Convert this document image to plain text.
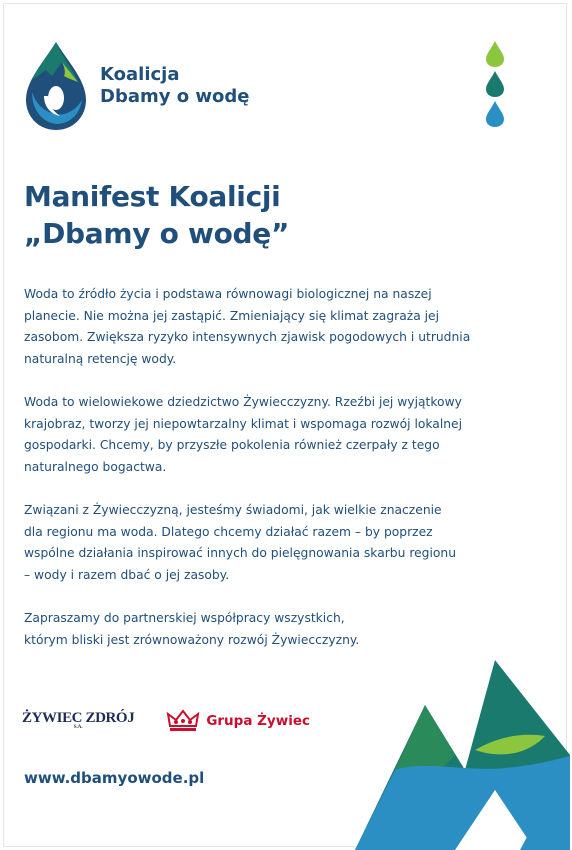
Koalicja
Dbamy o wodę
Manifest Koalicji
„Dbamy o wodę”

Woda to źródło życia i podstawa równowagi biologicznej na naszej
planecie. Nie można jej zastąpić. Zmieniający się klimat zagraża jej
zasobom. Zwiększa ryzyko intensywnych zjawisk pogodowych i utrudnia
naturalną retencję wody.

Woda to wielowiekowe dziedzictwo Żywiecczyzny. Rzeźbi jej wyjątkowy
krajobraz, tworzy jej niepowtarzalny klimat i wspomaga rozwój lokalnej
gospodarki. Chcemy, by przyszłe pokolenia również czerpały z tego
naturalnego bogactwa.

Związani z Żywiecczyzną, jesteśmy świadomi, jak wielkie znaczenie
dla regionu ma woda. Dlatego chcemy działać razem – by poprzez
wspólne działania inspirować innych do pielęgnowania skarbu regionu
– wody i razem dbać o jej zasoby.

Zapraszamy do partnerskiej współpracy wszystkich,
którym bliski jest zrównoważony rozwój Żywiecczyzny.

ŻYWIEC ZDRÓJ
S.A.	Grupa Żywiec
www.dbamyowode.pl
